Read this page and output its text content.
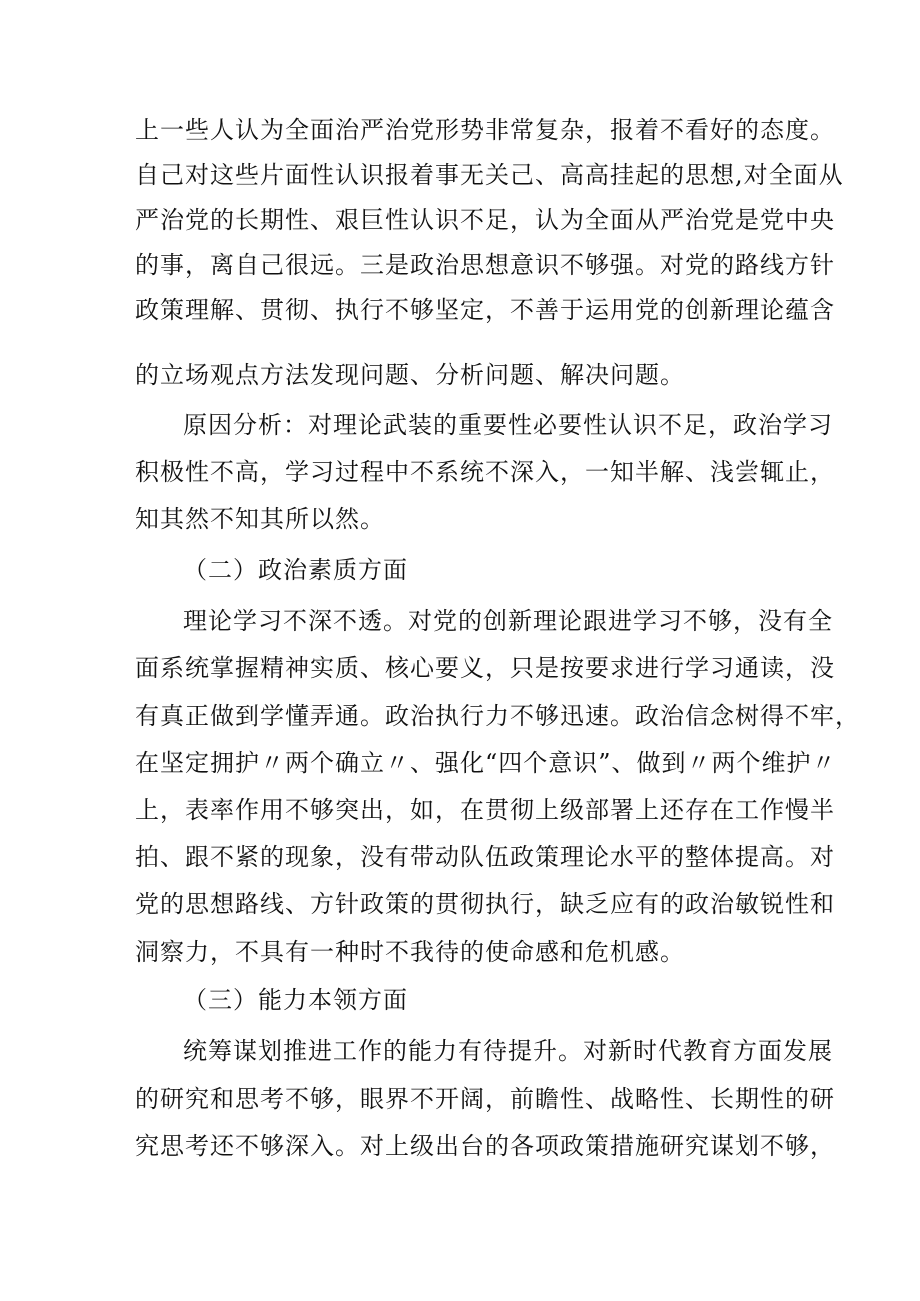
上一些人认为全面治严治党形势非常复杂，报着不看好的态度。
自己对这些片面性认识报着事无关己、高高挂起的思想,对全面从
严治党的长期性、艰巨性认识不足，认为全面从严治党是党中央
的事，离自己很远。三是政治思想意识不够强。对党的路线方针
政策理解、贯彻、执行不够坚定，不善于运用党的创新理论蕴含
的立场观点方法发现问题、分析问题、解决问题。
原因分析：对理论武装的重要性必要性认识不足，政治学习
积极性不高，学习过程中不系统不深入，一知半解、浅尝辄止，
知其然不知其所以然。
（二）政治素质方面
理论学习不深不透。对党的创新理论跟进学习不够，没有全
面系统掌握精神实质、核心要义，只是按要求进行学习通读，没
有真正做到学懂弄通。政治执行力不够迅速。政治信念树得不牢，
在坚定拥护〃两个确立〃、强化“四个意识”、做到〃两个维护〃
上，表率作用不够突出，如，在贯彻上级部署上还存在工作慢半
拍、跟不紧的现象，没有带动队伍政策理论水平的整体提高。对
党的思想路线、方针政策的贯彻执行，缺乏应有的政治敏锐性和
洞察力，不具有一种时不我待的使命感和危机感。
（三）能力本领方面
统筹谋划推进工作的能力有待提升。对新时代教育方面发展
的研究和思考不够，眼界不开阔，前瞻性、战略性、长期性的研
究思考还不够深入。对上级出台的各项政策措施研究谋划不够，
